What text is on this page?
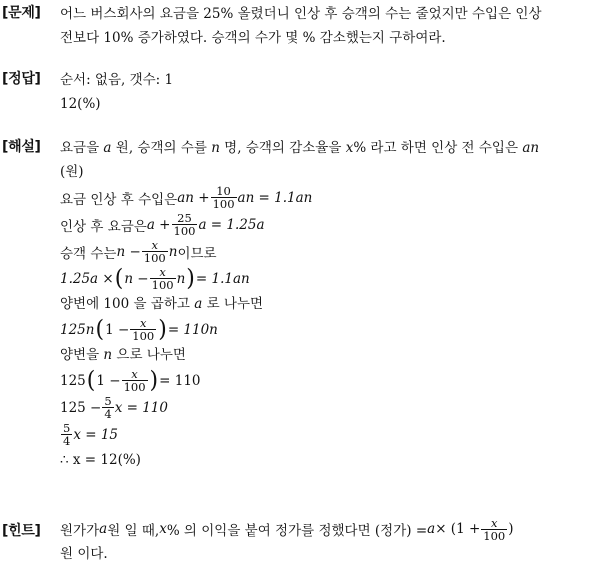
[문제] 어느 버스회사의 요금을 25% 올렸더니 인상 후 승객의 수는 줄었지만 수입은 인상
전보다 10% 증가하였다. 승객의 수가 몇 % 감소했는지 구하여라.
[정답] 순서: 없음, 갯수: 1
12(%)
[해설] 요금을 a 원, 승객의 수를 n 명, 승객의 감소율을 x% 라고 하면 인상 전 수입은 an
(원)
요금 인상 후 수입은 an + $\frac{10}{100}$ an = 1.1an
인상 후 요금은 $a + \frac{25}{100}$ a = 1.25a
승객 수는 $n - \frac{x}{100}$ n 이므로
1.25a × ( $n - \frac{x}{100}$ n ) = 1.1an
양변에 100 을 곱하고 a 로 나누면
125n ( $1 - \frac{x}{100}$ ) = 110n
양변을 n 으로 나누면
125 ( $1 - \frac{x}{100}$ ) = 110
$125 - \frac{5}{4}$ x = 110
$\frac{5}{4}$ x = 15
∴ x = 12(%)
[힌트] 원가가 a 원 일 때, x % 의 이익을 붙여 정가를 정했다면 (정가) = $a \times (1 + \frac{x}{100}$ )
원 이다.
